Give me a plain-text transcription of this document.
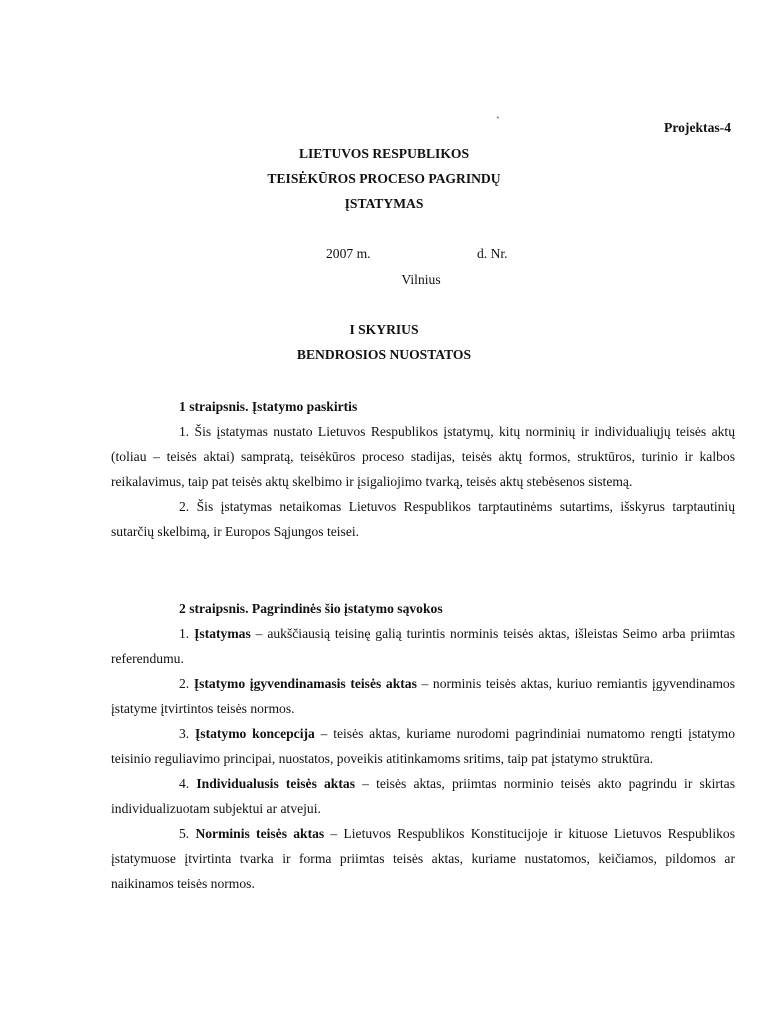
`	Projektas-4
LIETUVOS RESPUBLIKOS
TEISĖKŪROS PROCESO PAGRINDŲ
ĮSTATYMAS
2007 m.	d. Nr.
Vilnius
I SKYRIUS
BENDROSIOS NUOSTATOS

1 straipsnis. Įstatymo paskirtis

1. Šis įstatymas nustato Lietuvos Respublikos įstatymų, kitų norminių ir individualiųjų teisės aktų (toliau – teisės aktai) sampratą, teisėkūros proceso stadijas, teisės aktų formos, struktūros, turinio ir kalbos reikalavimus, taip pat teisės aktų skelbimo ir įsigaliojimo tvarką, teisės aktų stebėsenos sistemą.

2. Šis įstatymas netaikomas Lietuvos Respublikos tarptautinėms sutartims, išskyrus tarptautinių sutarčių skelbimą, ir Europos Sąjungos teisei.

2 straipsnis. Pagrindinės šio įstatymo sąvokos

1. Įstatymas – aukščiausią teisinę galią turintis norminis teisės aktas, išleistas Seimo arba priimtas referendumu.

2. Įstatymo įgyvendinamasis teisės aktas – norminis teisės aktas, kuriuo remiantis įgyvendinamos įstatyme įtvirtintos teisės normos.

3. Įstatymo koncepcija – teisės aktas, kuriame nurodomi pagrindiniai numatomo rengti įstatymo teisinio reguliavimo principai, nuostatos, poveikis atitinkamoms sritims, taip pat įstatymo struktūra.

4. Individualusis teisės aktas – teisės aktas, priimtas norminio teisės akto pagrindu ir skirtas individualizuotam subjektui ar atvejui.

5. Norminis teisės aktas – Lietuvos Respublikos Konstitucijoje ir kituose Lietuvos Respublikos įstatymuose įtvirtinta tvarka ir forma priimtas teisės aktas, kuriame nustatomos, keičiamos, pildomos ar naikinamos teisės normos.
